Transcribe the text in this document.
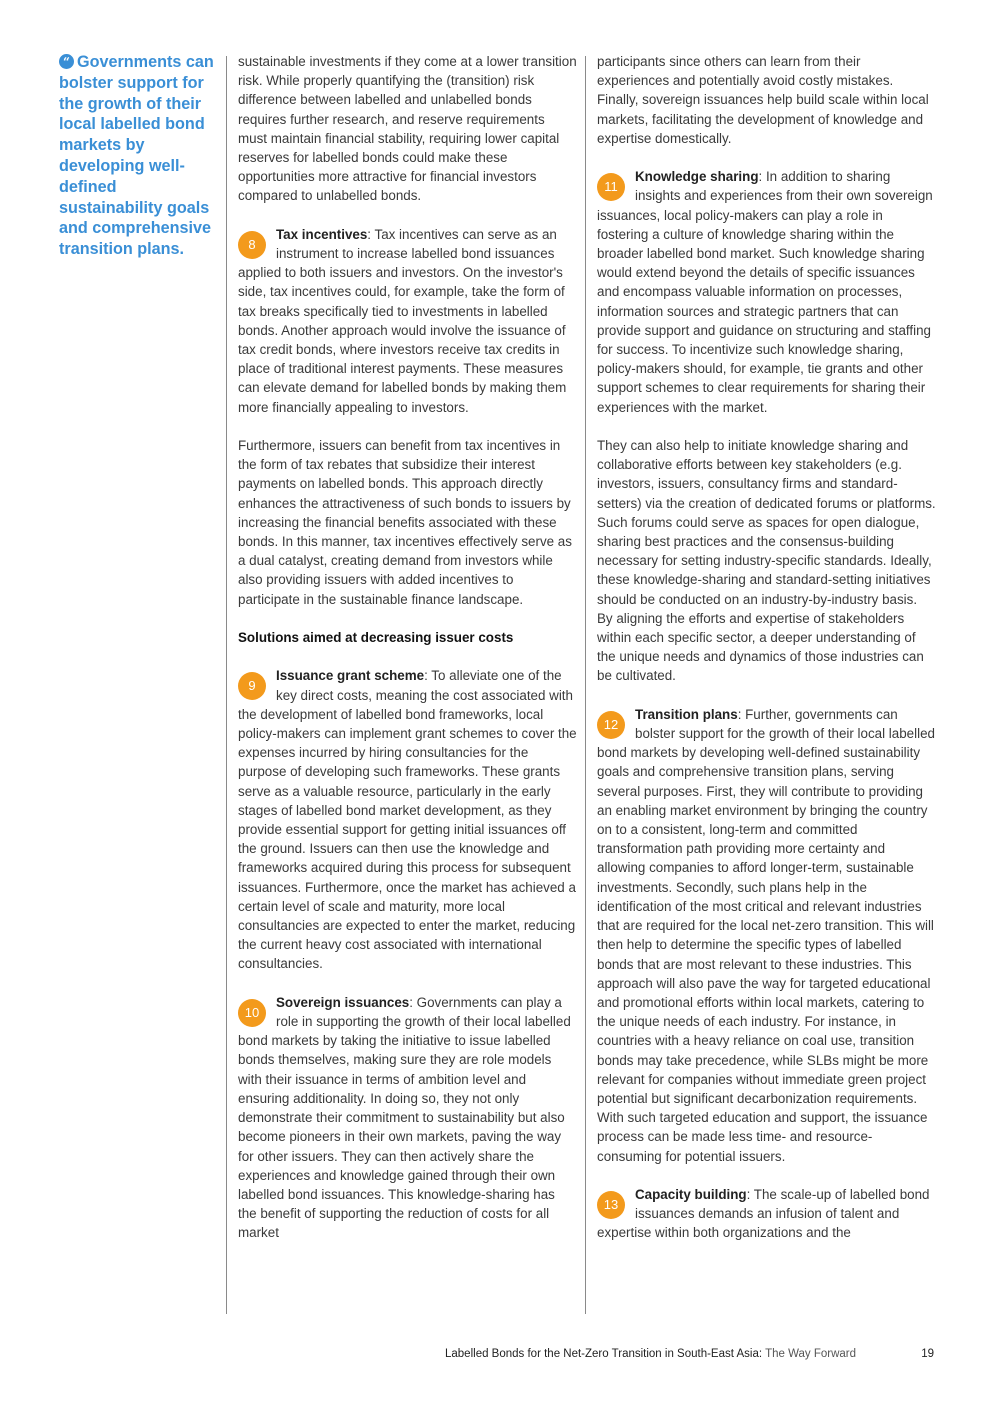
“ Governments can bolster support for the growth of their local labelled bond markets by developing well-defined sustainability goals and comprehensive transition plans.

sustainable investments if they come at a lower transition risk. While properly quantifying the (transition) risk difference between labelled and unlabelled bonds requires further research, and reserve requirements must maintain financial stability, requiring lower capital reserves for labelled bonds could make these opportunities more attractive for financial investors compared to unlabelled bonds.

8
Tax incentives: Tax incentives can serve as an instrument to increase labelled bond issuances applied to both issuers and investors. On the investor's side, tax incentives could, for example, take the form of tax breaks specifically tied to investments in labelled bonds. Another approach would involve the issuance of tax credit bonds, where investors receive tax credits in place of traditional interest payments. These measures can elevate demand for labelled bonds by making them more financially appealing to investors.

Furthermore, issuers can benefit from tax incentives in the form of tax rebates that subsidize their interest payments on labelled bonds. This approach directly enhances the attractiveness of such bonds to issuers by increasing the financial benefits associated with these bonds. In this manner, tax incentives effectively serve as a dual catalyst, creating demand from investors while also providing issuers with added incentives to participate in the sustainable finance landscape.

Solutions aimed at decreasing issuer costs

9
Issuance grant scheme: To alleviate one of the key direct costs, meaning the cost associated with the development of labelled bond frameworks, local policy-makers can implement grant schemes to cover the expenses incurred by hiring consultancies for the purpose of developing such frameworks. These grants serve as a valuable resource, particularly in the early stages of labelled bond market development, as they provide essential support for getting initial issuances off the ground. Issuers can then use the knowledge and frameworks acquired during this process for subsequent issuances. Furthermore, once the market has achieved a certain level of scale and maturity, more local consultancies are expected to enter the market, reducing the current heavy cost associated with international consultancies.

10
Sovereign issuances: Governments can play a role in supporting the growth of their local labelled bond markets by taking the initiative to issue labelled bonds themselves, making sure they are role models with their issuance in terms of ambition level and ensuring additionality. In doing so, they not only demonstrate their commitment to sustainability but also become pioneers in their own markets, paving the way for other issuers. They can then actively share the experiences and knowledge gained through their own labelled bond issuances. This knowledge-sharing has the benefit of supporting the reduction of costs for all market

participants since others can learn from their experiences and potentially avoid costly mistakes. Finally, sovereign issuances help build scale within local markets, facilitating the development of knowledge and expertise domestically.

11
Knowledge sharing: In addition to sharing insights and experiences from their own sovereign issuances, local policy-makers can play a role in fostering a culture of knowledge sharing within the broader labelled bond market. Such knowledge sharing would extend beyond the details of specific issuances and encompass valuable information on processes, information sources and strategic partners that can provide support and guidance on structuring and staffing for success. To incentivize such knowledge sharing, policy-makers should, for example, tie grants and other support schemes to clear requirements for sharing their experiences with the market.

They can also help to initiate knowledge sharing and collaborative efforts between key stakeholders (e.g. investors, issuers, consultancy firms and standard-setters) via the creation of dedicated forums or platforms. Such forums could serve as spaces for open dialogue, sharing best practices and the consensus-building necessary for setting industry-specific standards. Ideally, these knowledge-sharing and standard-setting initiatives should be conducted on an industry-by-industry basis. By aligning the efforts and expertise of stakeholders within each specific sector, a deeper understanding of the unique needs and dynamics of those industries can be cultivated.

12
Transition plans: Further, governments can bolster support for the growth of their local labelled bond markets by developing well-defined sustainability goals and comprehensive transition plans, serving several purposes. First, they will contribute to providing an enabling market environment by bringing the country on to a consistent, long-term and committed transformation path providing more certainty and allowing companies to afford longer-term, sustainable investments. Secondly, such plans help in the identification of the most critical and relevant industries that are required for the local net-zero transition. This will then help to determine the specific types of labelled bonds that are most relevant to these industries. This approach will also pave the way for targeted educational and promotional efforts within local markets, catering to the unique needs of each industry. For instance, in countries with a heavy reliance on coal use, transition bonds may take precedence, while SLBs might be more relevant for companies without immediate green project potential but significant decarbonization requirements. With such targeted education and support, the issuance process can be made less time- and resource-consuming for potential issuers.

13
Capacity building: The scale-up of labelled bond issuances demands an infusion of talent and expertise within both organizations and the

Labelled Bonds for the Net-Zero Transition in South-East Asia: The Way Forward	19
